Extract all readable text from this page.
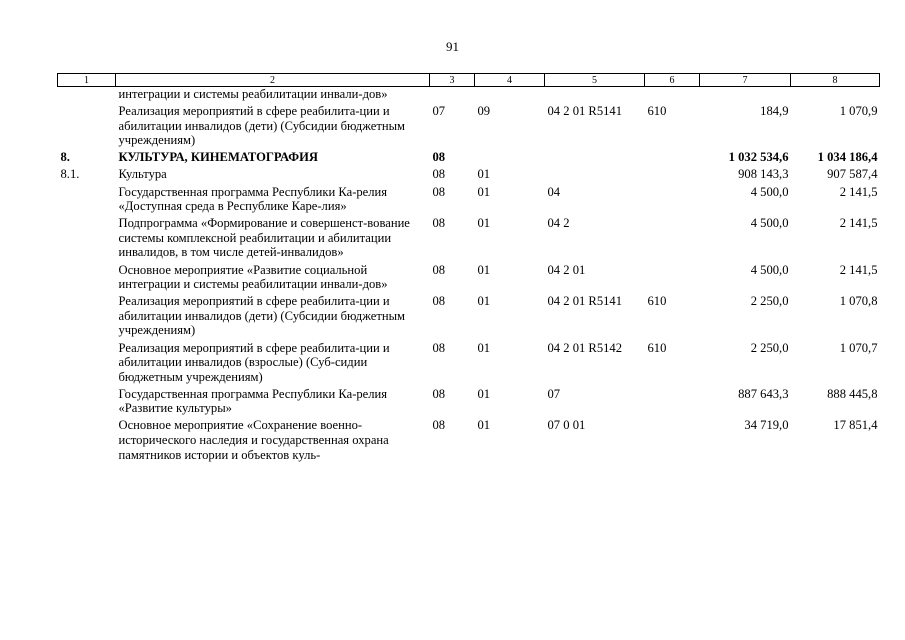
91
1	2	3	4	5	6	7	8
	интеграции и системы реабилитации инвали-дов»						
	Реализация мероприятий в сфере реабилита-ции и абилитации инвалидов (дети) (Субсидии бюджетным учреждениям)	07	09	04 2 01 R5141	610	184,9	1 070,9
8.	КУЛЬТУРА, КИНЕМАТОГРАФИЯ	08				1 032 534,6	1 034 186,4
8.1.	Культура	08	01			908 143,3	907 587,4
	Государственная программа Республики Ка-релия «Доступная среда в Республике Каре-лия»	08	01	04		4 500,0	2 141,5
	Подпрограмма «Формирование и совершенст-вование системы комплексной реабилитации и абилитации инвалидов, в том числе детей-инвалидов»	08	01	04 2		4 500,0	2 141,5
	Основное мероприятие «Развитие социальной интеграции и системы реабилитации инвали-дов»	08	01	04 2 01		4 500,0	2 141,5
	Реализация мероприятий в сфере реабилита-ции и абилитации инвалидов (дети) (Субсидии бюджетным учреждениям)	08	01	04 2 01 R5141	610	2 250,0	1 070,8
	Реализация мероприятий в сфере реабилита-ции и абилитации инвалидов (взрослые) (Суб-сидии бюджетным учреждениям)	08	01	04 2 01 R5142	610	2 250,0	1 070,7
	Государственная программа Республики Ка-релия «Развитие культуры»	08	01	07		887 643,3	888 445,8
	Основное мероприятие «Сохранение военно-исторического наследия и государственная охрана памятников истории и объектов куль-	08	01	07 0 01		34 719,0	17 851,4
